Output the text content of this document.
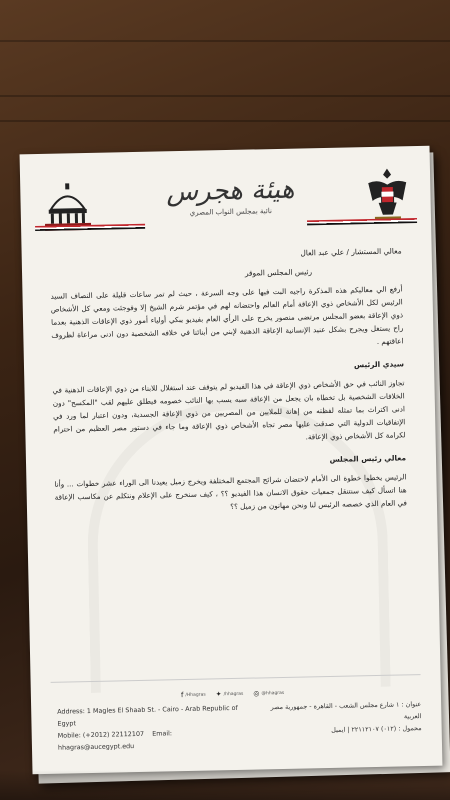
هيئة هجرس
نائبة بمجلس النواب المصري

معالي المستشار / علي عبد العال

رئيس المجلس الموقر

أرفع الي معاليكم هذه المذكرة راجيه البت فيها على وجه السرعة ، حيث لم تمر ساعات قليلة على النصاف السيد الرئيس لكل الأشخاص ذوي الإعاقة أمام العالم واحتضانه لهم في مؤتمر شرم الشيخ إلا وفوجئت ومعي كل الأشخاص ذوي الإعاقة بعضو المجلس مرتضى منصور يخرج على الرأي العام بفيديو يبكي أولياء أمور ذوي الإعاقات الذهنية بعدما راح يستغل ويجرح بشكل عنيد الإنسانية الإعاقة الذهنية لإبني من أبنائنا في خلافه الشخصية دون ادنى مراعاة لظروف اعاقتهم .

سيدي الرئيس

تجاوز النائب في حق الأشخاص ذوي الإعاقة في هذا الفيديو لم يتوقف عند استغلال للابناء من ذوي الإعاقات الذهنية في الخلافات الشخصية بل تخطاه بان يجعل من الإعاقة سبه يسب بها النائب خصومه فيطلق عليهم لقب "المكسح" دون ادنى اكتراث بما تمثله لفظته من إهانة للملايين من المصريين من ذوي الإعاقة الجسدية، ودون اعتبار لما ورد في الإتفاقيات الدولية التي صدقت عليها مصر تجاه الأشخاص ذوي الإعاقة وما جاء في دستور مصر العظيم من احترام لكرامة كل الأشخاص ذوي الإعاقة.

معالي رئيس المجلس

الرئيس يخطوا خطوة الى الأمام لاحتضان شرائح المجتمع المختلفة ويخرج زميل يعيدنا الى الوراء عشر خطوات ... وأنا هنا اتسأل كيف سنتنقل جمعيات حقوق الانسان هذا الفيديو ؟؟ ، كيف سنخرج على الإعلام ونتكلم عن مكاسب الإعاقة في العام الذي خصصه الرئيس لنا ونحن مهانون من زميل ؟؟

f /Hhagras ✦ /hhagras ◎ @hhagras
Address: 1 Magles El Shaab St. - Cairo - Arab Republic of Egypt
Mobile: (+2012) 22112107 Email: hhagras@aucegypt.edu
عنوان : ١ شارع مجلس الشعب - القاهرة - جمهورية مصر العربية
محمول : (٠١٢) ٢٢١١٢١٠٧ | ايميل
